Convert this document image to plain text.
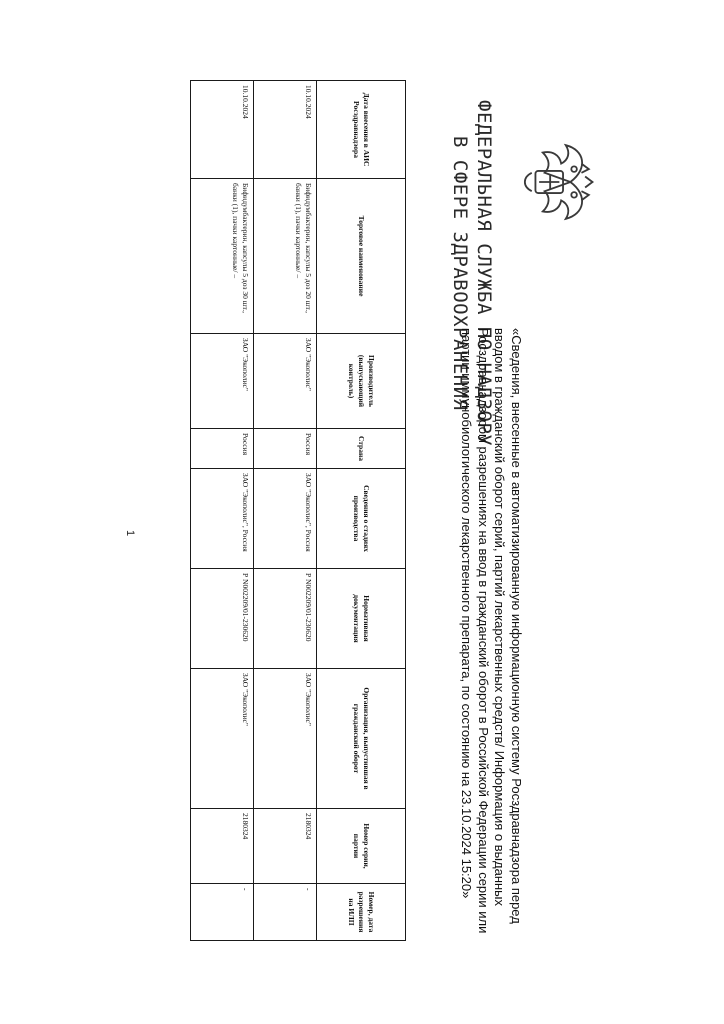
ФЕДЕРАЛЬНАЯ СЛУЖБА ПО НАДЗОРУ
В СФЕРЕ ЗДРАВООХРАНЕНИЯ
«Сведения, внесенные в автоматизированную информационную систему Росздравнадзора перед вводом в гражданский оборот серий, партий лекарственных средств/ Информация о выданных Росздравнадзором разрешениях на ввод в гражданский оборот в Российской Федерации серии или партии иммунобиологического лекарственного препарата, по состоянию на 23.10.2024 15:20»
Дата внесения в АИС Росздравнадзора	Торговое наименование	Производитель (выпускающий контроль)	Страна	Сведения о стадиях производства	Нормативная документация	Организация, выпустившая в гражданский оборот	Номер серии, партии	Номер, дата разрешения на ИЛП
10.10.2024	Бифидумбактерин, капсулы 5 доз 20 шт., банки (1), пачки картонные/ –	ЗАО "Экополис"	Россия	ЗАО "Экополис", Россия	Р N002209/01-230620	ЗАО "Экополис"	2180324	-
10.10.2024	Бифидумбактерин, капсулы 5 доз 30 шт., банки (1), пачки картонные/ –	ЗАО "Экополис"	Россия	ЗАО "Экополис", Россия	Р N002209/01-230620	ЗАО "Экополис"	2180324	-
1
